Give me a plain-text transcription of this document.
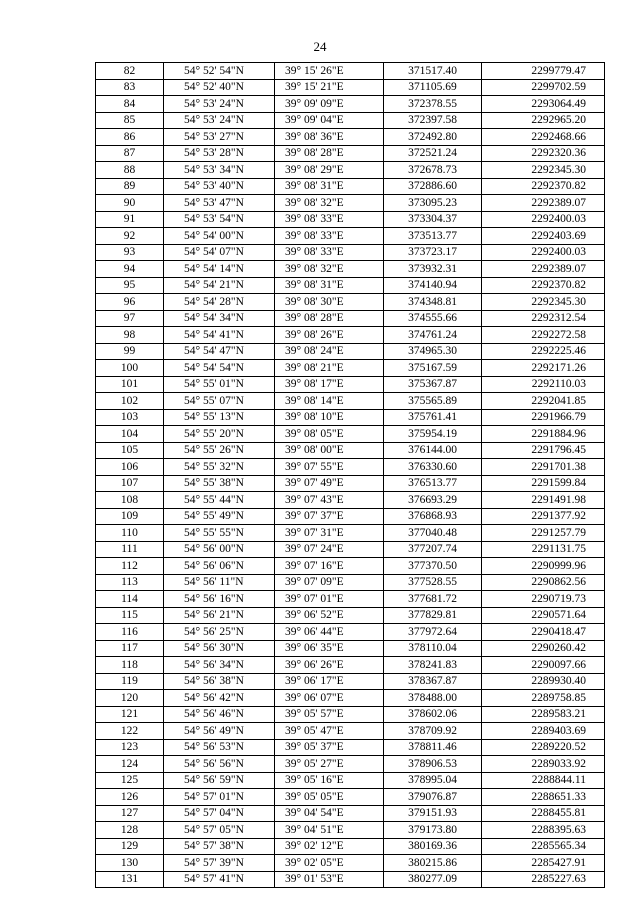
24
82	54° 52' 54"N	39° 15' 26"E	371517.40	2299779.47
83	54° 52' 40"N	39° 15' 21"E	371105.69	2299702.59
84	54° 53' 24"N	39° 09' 09"E	372378.55	2293064.49
85	54° 53' 24"N	39° 09' 04"E	372397.58	2292965.20
86	54° 53' 27"N	39° 08' 36"E	372492.80	2292468.66
87	54° 53' 28"N	39° 08' 28"E	372521.24	2292320.36
88	54° 53' 34"N	39° 08' 29"E	372678.73	2292345.30
89	54° 53' 40"N	39° 08' 31"E	372886.60	2292370.82
90	54° 53' 47"N	39° 08' 32"E	373095.23	2292389.07
91	54° 53' 54"N	39° 08' 33"E	373304.37	2292400.03
92	54° 54' 00"N	39° 08' 33"E	373513.77	2292403.69
93	54° 54' 07"N	39° 08' 33"E	373723.17	2292400.03
94	54° 54' 14"N	39° 08' 32"E	373932.31	2292389.07
95	54° 54' 21"N	39° 08' 31"E	374140.94	2292370.82
96	54° 54' 28"N	39° 08' 30"E	374348.81	2292345.30
97	54° 54' 34"N	39° 08' 28"E	374555.66	2292312.54
98	54° 54' 41"N	39° 08' 26"E	374761.24	2292272.58
99	54° 54' 47"N	39° 08' 24"E	374965.30	2292225.46
100	54° 54' 54"N	39° 08' 21"E	375167.59	2292171.26
101	54° 55' 01"N	39° 08' 17"E	375367.87	2292110.03
102	54° 55' 07"N	39° 08' 14"E	375565.89	2292041.85
103	54° 55' 13"N	39° 08' 10"E	375761.41	2291966.79
104	54° 55' 20"N	39° 08' 05"E	375954.19	2291884.96
105	54° 55' 26"N	39° 08' 00"E	376144.00	2291796.45
106	54° 55' 32"N	39° 07' 55"E	376330.60	2291701.38
107	54° 55' 38"N	39° 07' 49"E	376513.77	2291599.84
108	54° 55' 44"N	39° 07' 43"E	376693.29	2291491.98
109	54° 55' 49"N	39° 07' 37"E	376868.93	2291377.92
110	54° 55' 55"N	39° 07' 31"E	377040.48	2291257.79
111	54° 56' 00"N	39° 07' 24"E	377207.74	2291131.75
112	54° 56' 06"N	39° 07' 16"E	377370.50	2290999.96
113	54° 56' 11"N	39° 07' 09"E	377528.55	2290862.56
114	54° 56' 16"N	39° 07' 01"E	377681.72	2290719.73
115	54° 56' 21"N	39° 06' 52"E	377829.81	2290571.64
116	54° 56' 25"N	39° 06' 44"E	377972.64	2290418.47
117	54° 56' 30"N	39° 06' 35"E	378110.04	2290260.42
118	54° 56' 34"N	39° 06' 26"E	378241.83	2290097.66
119	54° 56' 38"N	39° 06' 17"E	378367.87	2289930.40
120	54° 56' 42"N	39° 06' 07"E	378488.00	2289758.85
121	54° 56' 46"N	39° 05' 57"E	378602.06	2289583.21
122	54° 56' 49"N	39° 05' 47"E	378709.92	2289403.69
123	54° 56' 53"N	39° 05' 37"E	378811.46	2289220.52
124	54° 56' 56"N	39° 05' 27"E	378906.53	2289033.92
125	54° 56' 59"N	39° 05' 16"E	378995.04	2288844.11
126	54° 57' 01"N	39° 05' 05"E	379076.87	2288651.33
127	54° 57' 04"N	39° 04' 54"E	379151.93	2288455.81
128	54° 57' 05"N	39° 04' 51"E	379173.80	2288395.63
129	54° 57' 38"N	39° 02' 12"E	380169.36	2285565.34
130	54° 57' 39"N	39° 02' 05"E	380215.86	2285427.91
131	54° 57' 41"N	39° 01' 53"E	380277.09	2285227.63
